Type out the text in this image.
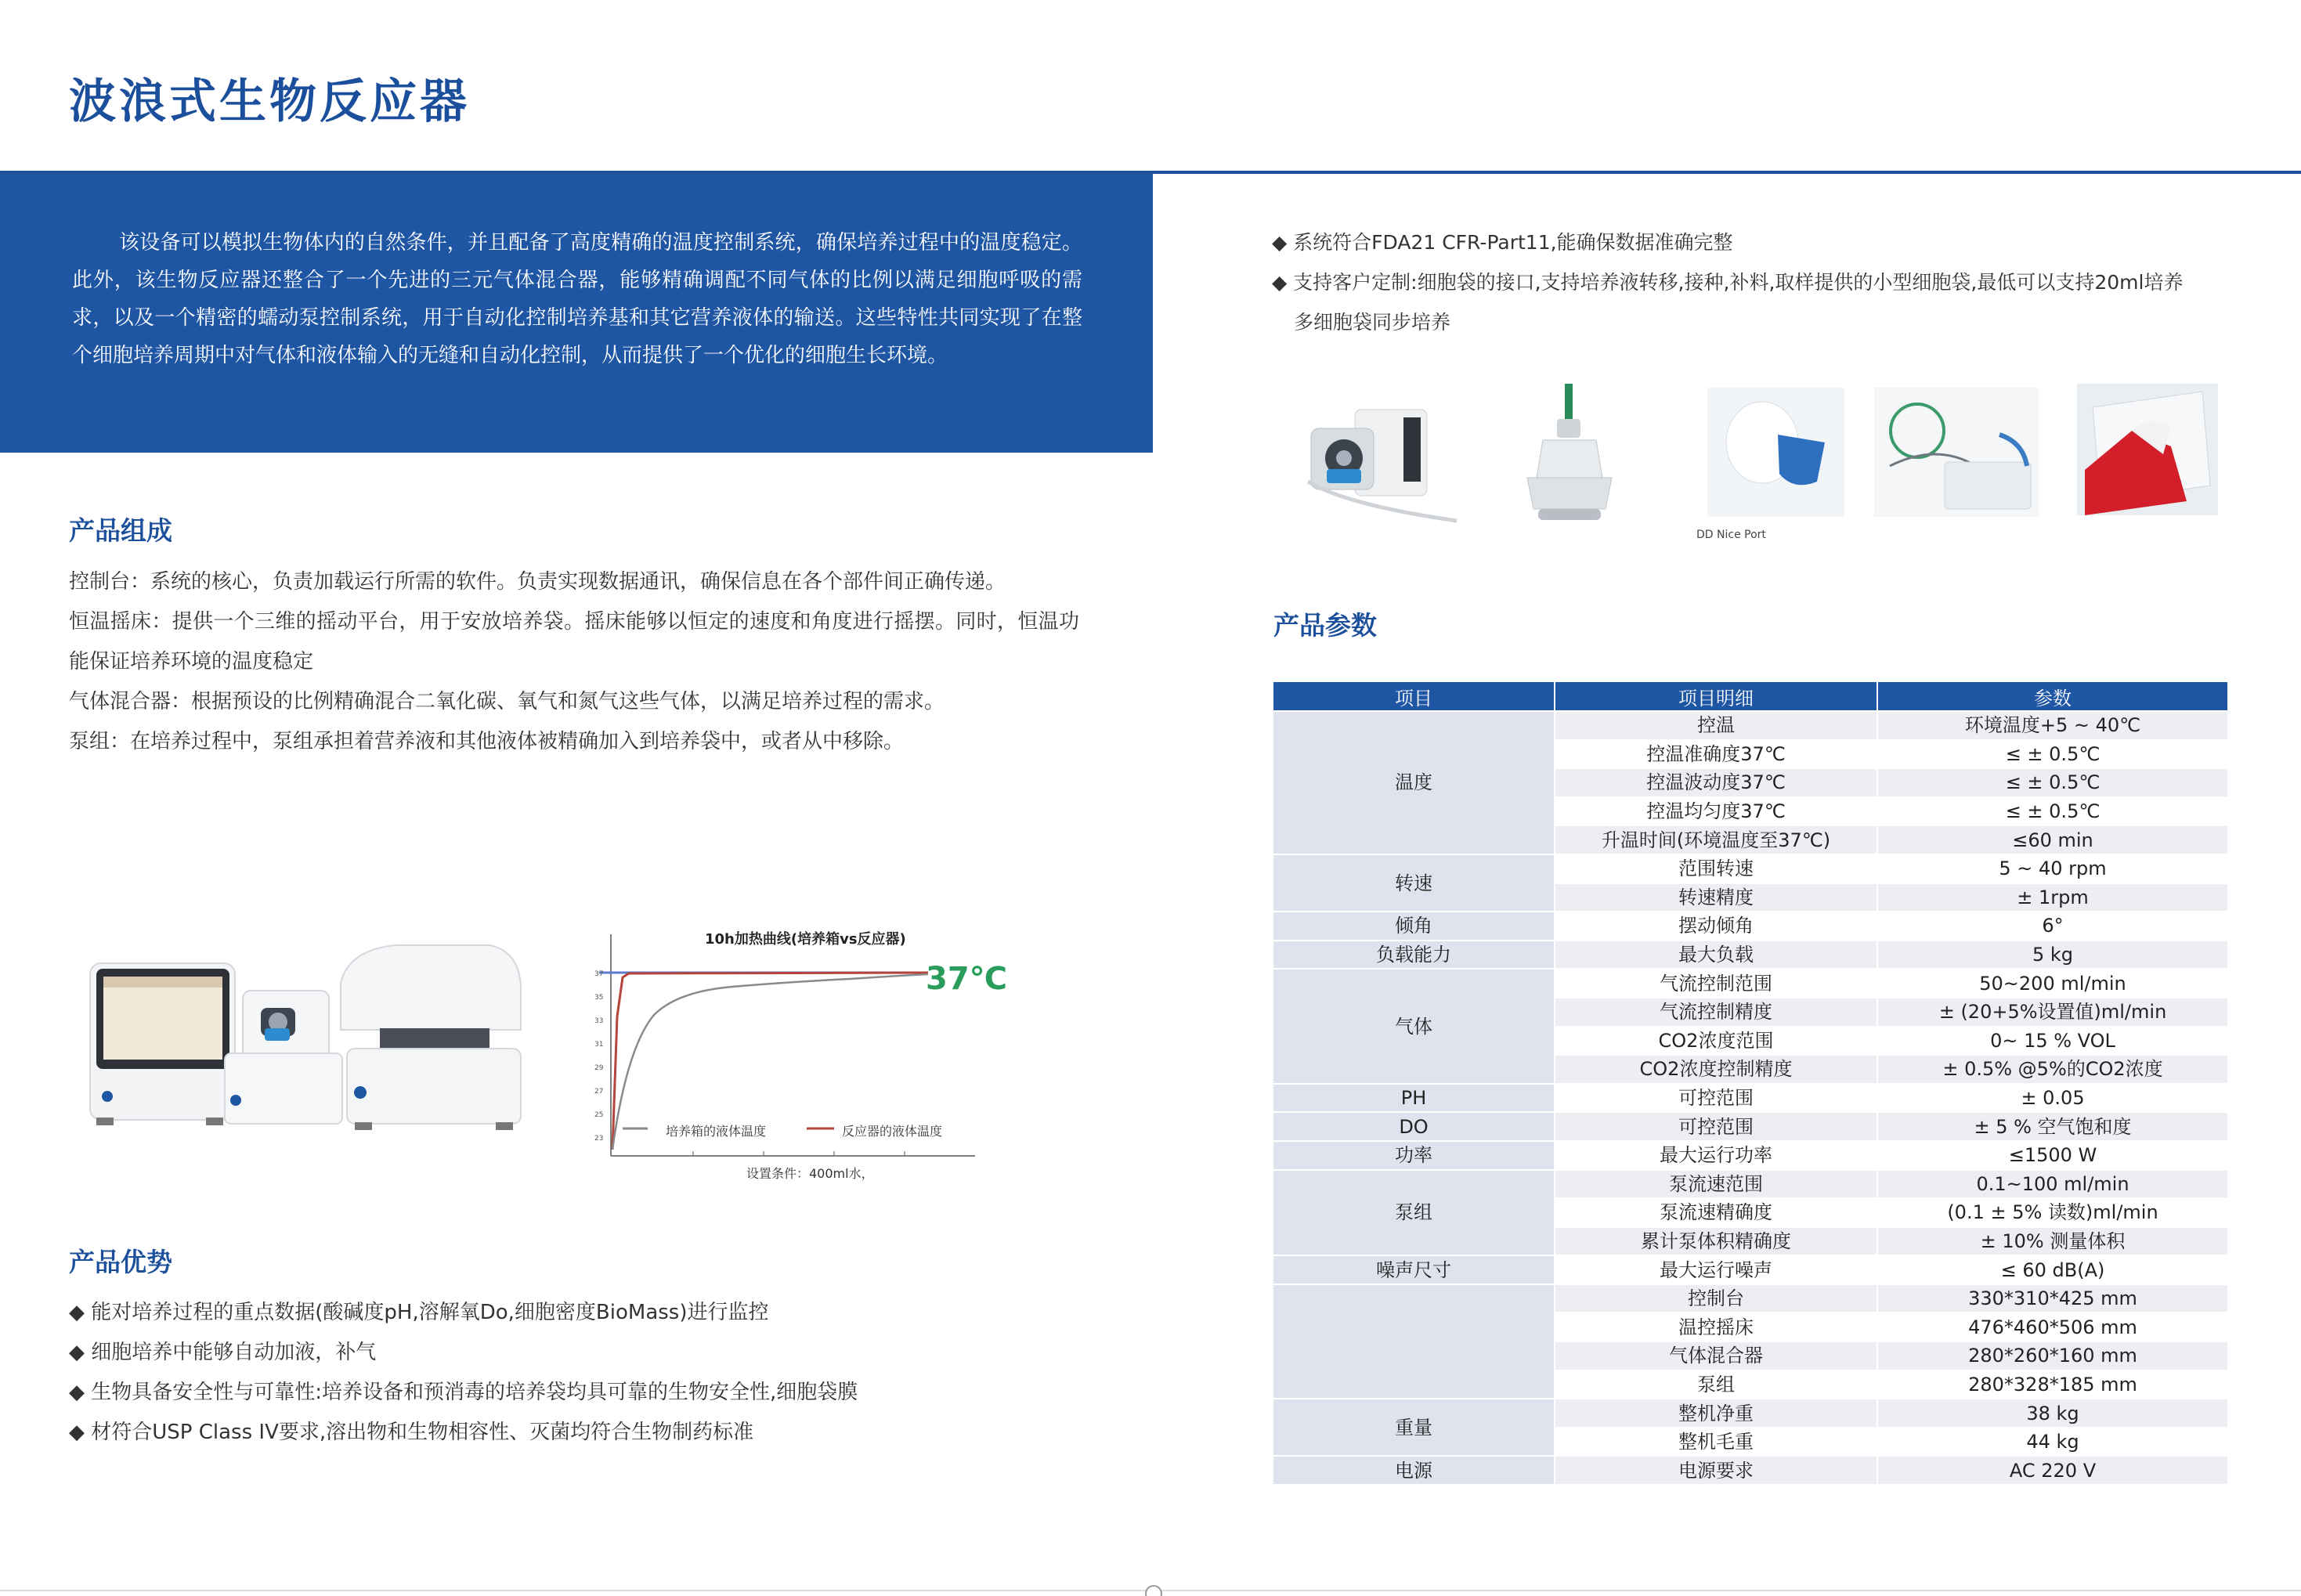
波浪式生物反应器
该设备可以模拟生物体内的自然条件，并且配备了高度精确的温度控制系统，确保培养过程中的温度稳定。此外，该生物反应器还整合了一个先进的三元气体混合器，能够精确调配不同气体的比例以满足细胞呼吸的需求，以及一个精密的蠕动泵控制系统，用于自动化控制培养基和其它营养液体的输送。这些特性共同实现了在整个细胞培养周期中对气体和液体输入的无缝和自动化控制，从而提供了一个优化的细胞生长环境。
产品组成
控制台：系统的核心，负责加载运行所需的软件。负责实现数据通讯，确保信息在各个部件间正确传递。
恒温摇床：提供一个三维的摇动平台，用于安放培养袋。摇床能够以恒定的速度和角度进行摇摆。同时，恒温功能保证培养环境的温度稳定
气体混合器：根据预设的比例精确混合二氧化碳、氧气和氮气这些气体，以满足培养过程的需求。
泵组：在培养过程中，泵组承担着营养液和其他液体被精确加入到培养袋中，或者从中移除。
37
35
33
31
29
27
25
23
10h加热曲线(培养箱vs反应器)
37℃
培养箱的液体温度	反应器的液体温度
设置条件：400ml水，
产品优势
◆ 能对培养过程的重点数据(酸碱度pH,溶解氧Do,细胞密度BioMass)进行监控
◆ 细胞培养中能够自动加液，补气
◆ 生物具备安全性与可靠性:培养设备和预消毒的培养袋均具可靠的生物安全性,细胞袋膜
◆ 材符合USP Class IV要求,溶出物和生物相容性、灭菌均符合生物制药标准
◆ 系统符合FDA21 CFR-Part11,能确保数据准确完整
◆ 支持客户定制:细胞袋的接口,支持培养液转移,接种,补料,取样提供的小型细胞袋,最低可以支持20ml培养
多细胞袋同步培养
DD Nice Port
产品参数
项目	项目明细	参数
温度	控温	环境温度+5 ~ 40℃
	控温准确度37℃	≤ ± 0.5℃
	控温波动度37℃	≤ ± 0.5℃
	控温均匀度37℃	≤ ± 0.5℃
	升温时间(环境温度至37℃)	≤60 min
转速	范围转速	5 ~ 40 rpm
	转速精度	± 1rpm
倾角	摆动倾角	6°
负载能力	最大负载	5 kg
气体	气流控制范围	50~200 ml/min
	气流控制精度	± (20+5%设置值)ml/min
	CO2浓度范围	0~ 15 % VOL
	CO2浓度控制精度	± 0.5% @5%的CO2浓度
PH	可控范围	± 0.05
DO	可控范围	± 5 % 空气饱和度
功率	最大运行功率	≤1500 W
泵组	泵流速范围	0.1~100 ml/min
	泵流速精确度	(0.1 ± 5% 读数)ml/min
	累计泵体积精确度	± 10% 测量体积
噪声尺寸	最大运行噪声	≤ 60 dB(A)
	控制台	330*310*425 mm
	温控摇床	476*460*506 mm
	气体混合器	280*260*160 mm
	泵组	280*328*185 mm
重量	整机净重	38 kg
	整机毛重	44 kg
电源	电源要求	AC 220 V
